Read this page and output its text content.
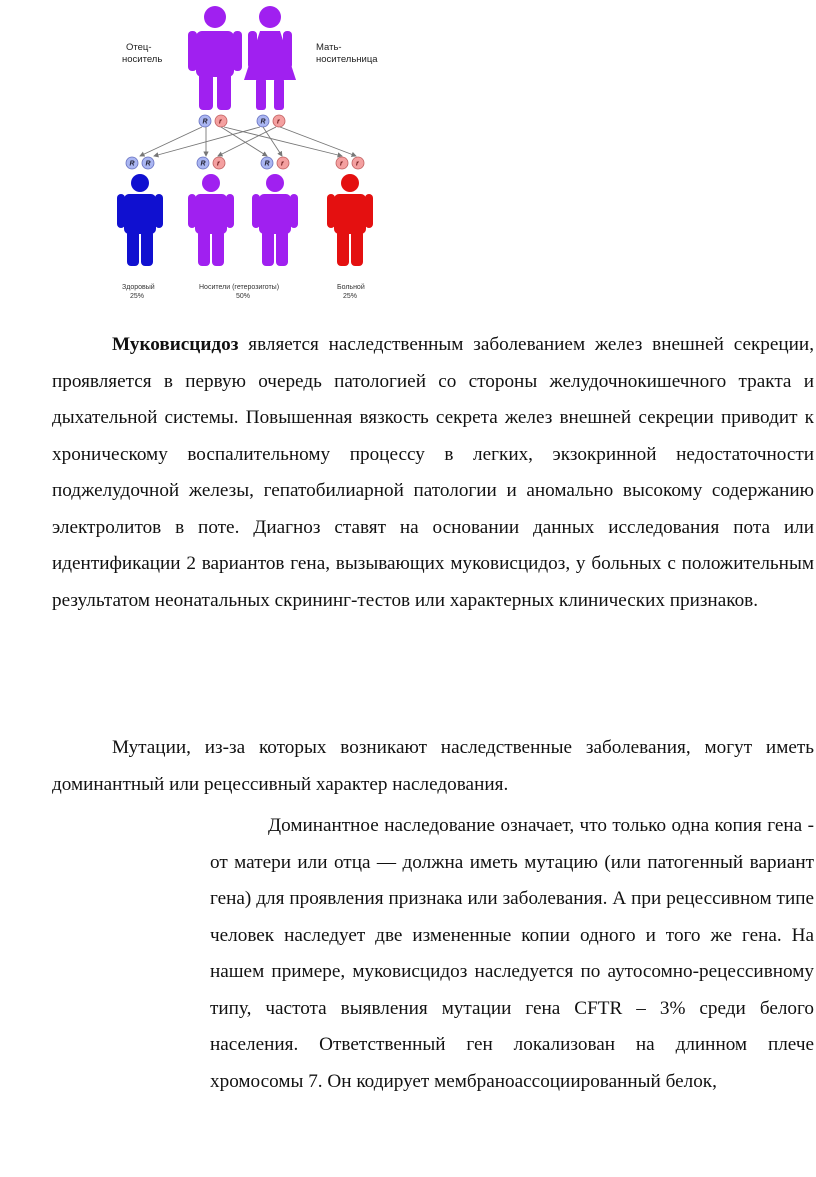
Отец-
носитель
Мать-
носительница
R r	R r
R R	R r	R r	r r
Здоровый
25%
Носители (гетерозиготы)
50%
Больной
25%

Муковисцидоз является наследственным заболеванием желез внешней секреции, проявляется в первую очередь патологией со стороны желудочнокишечного тракта и дыхательной системы. Повышенная вязкость секрета желез внешней секреции приводит к хроническому воспалительному процессу в легких, экзокринной недостаточности поджелудочной железы, гепатобилиарной патологии и аномально высокому содержанию электролитов в поте. Диагноз ставят на основании данных исследования пота или идентификации 2 вариантов гена, вызывающих муковисцидоз, у больных с положительным результатом неонатальных скрининг-тестов или характерных клинических признаков.

Мутации, из-за которых возникают наследственные заболевания, могут иметь доминантный или рецессивный характер наследования.

Доминантное наследование означает, что только одна копия гена - от матери или отца — должна иметь мутацию (или патогенный вариант гена) для проявления признака или заболевания. А при рецессивном типе человек наследует две измененные копии одного и того же гена. На нашем примере, муковисцидоз наследуется по аутосомно-рецессивному типу, частота выявления мутации гена CFTR – 3% среди белого населения. Ответственный ген локализован на длинном плече хромосомы 7. Он кодирует мембраноассоциированный белок,
